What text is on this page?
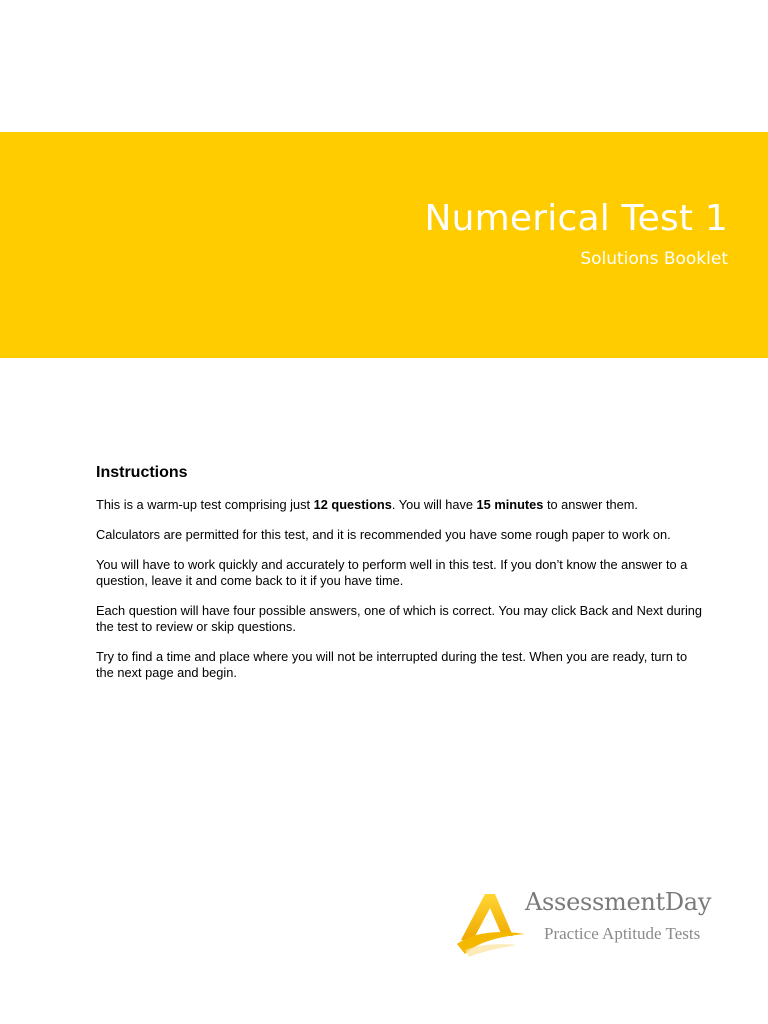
Numerical Test 1
Solutions Booklet
Instructions

This is a warm-up test comprising just 12 questions. You will have 15 minutes to answer them.

Calculators are permitted for this test, and it is recommended you have some rough paper to work on.

You will have to work quickly and accurately to perform well in this test. If you don’t know the answer to a question, leave it and come back to it if you have time.

Each question will have four possible answers, one of which is correct. You may click Back and Next during the test to review or skip questions.

Try to find a time and place where you will not be interrupted during the test. When you are ready, turn to the next page and begin.

AssessmentDay
Practice Aptitude Tests
